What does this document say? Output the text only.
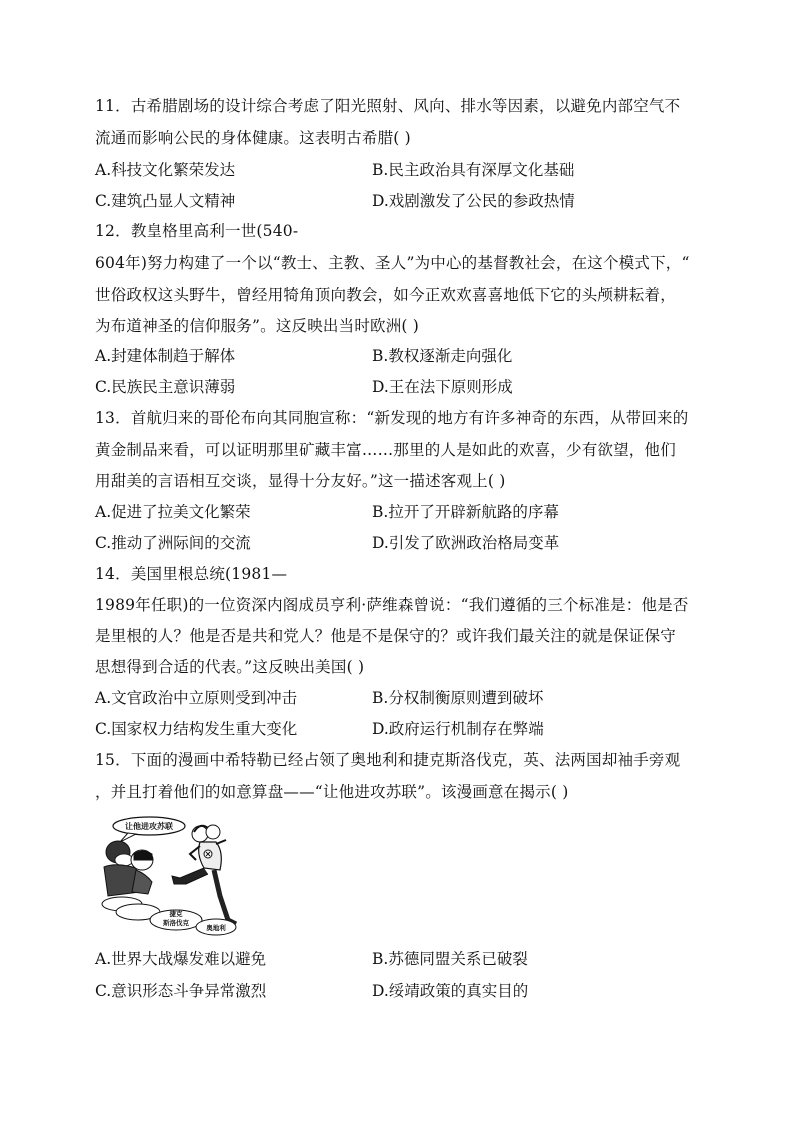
11．古希腊剧场的设计综合考虑了阳光照射、风向、排水等因素，以避免内部空气不
流通而影响公民的身体健康。这表明古希腊( )
A.科技文化繁荣发达	B.民主政治具有深厚文化基础
C.建筑凸显人文精神	D.戏剧激发了公民的参政热情
12．教皇格里高利一世(540-
604年)努力构建了一个以“教士、主教、圣人”为中心的基督教社会，在这个模式下，“
世俗政权这头野牛，曾经用犄角顶向教会，如今正欢欢喜喜地低下它的头颅耕耘着，
为布道神圣的信仰服务”。这反映出当时欧洲( )
A.封建体制趋于解体	B.教权逐渐走向强化
C.民族民主意识薄弱	D.王在法下原则形成
13．首航归来的哥伦布向其同胞宣称：“新发现的地方有许多神奇的东西，从带回来的
黄金制品来看，可以证明那里矿藏丰富……那里的人是如此的欢喜，少有欲望，他们
用甜美的言语相互交谈，显得十分友好。”这一描述客观上( )
A.促进了拉美文化繁荣	B.拉开了开辟新航路的序幕
C.推动了洲际间的交流	D.引发了欧洲政治格局变革
14．美国里根总统(1981—
1989年任职)的一位资深内阁成员亨利·萨维森曾说：“我们遵循的三个标准是：他是否
是里根的人？他是否是共和党人？他是不是保守的？或许我们最关注的就是保证保守
思想得到合适的代表。”这反映出美国( )
A.文官政治中立原则受到冲击	B.分权制衡原则遭到破坏
C.国家权力结构发生重大变化	D.政府运行机制存在弊端
15．下面的漫画中希特勒已经占领了奥地利和捷克斯洛伐克，英、法两国却袖手旁观
，并且打着他们的如意算盘——“让他进攻苏联”。该漫画意在揭示( )
让他进攻苏联
捷克
斯洛伐克
奥地利
A.世界大战爆发难以避免	B.苏德同盟关系已破裂
C.意识形态斗争异常激烈	D.绥靖政策的真实目的
